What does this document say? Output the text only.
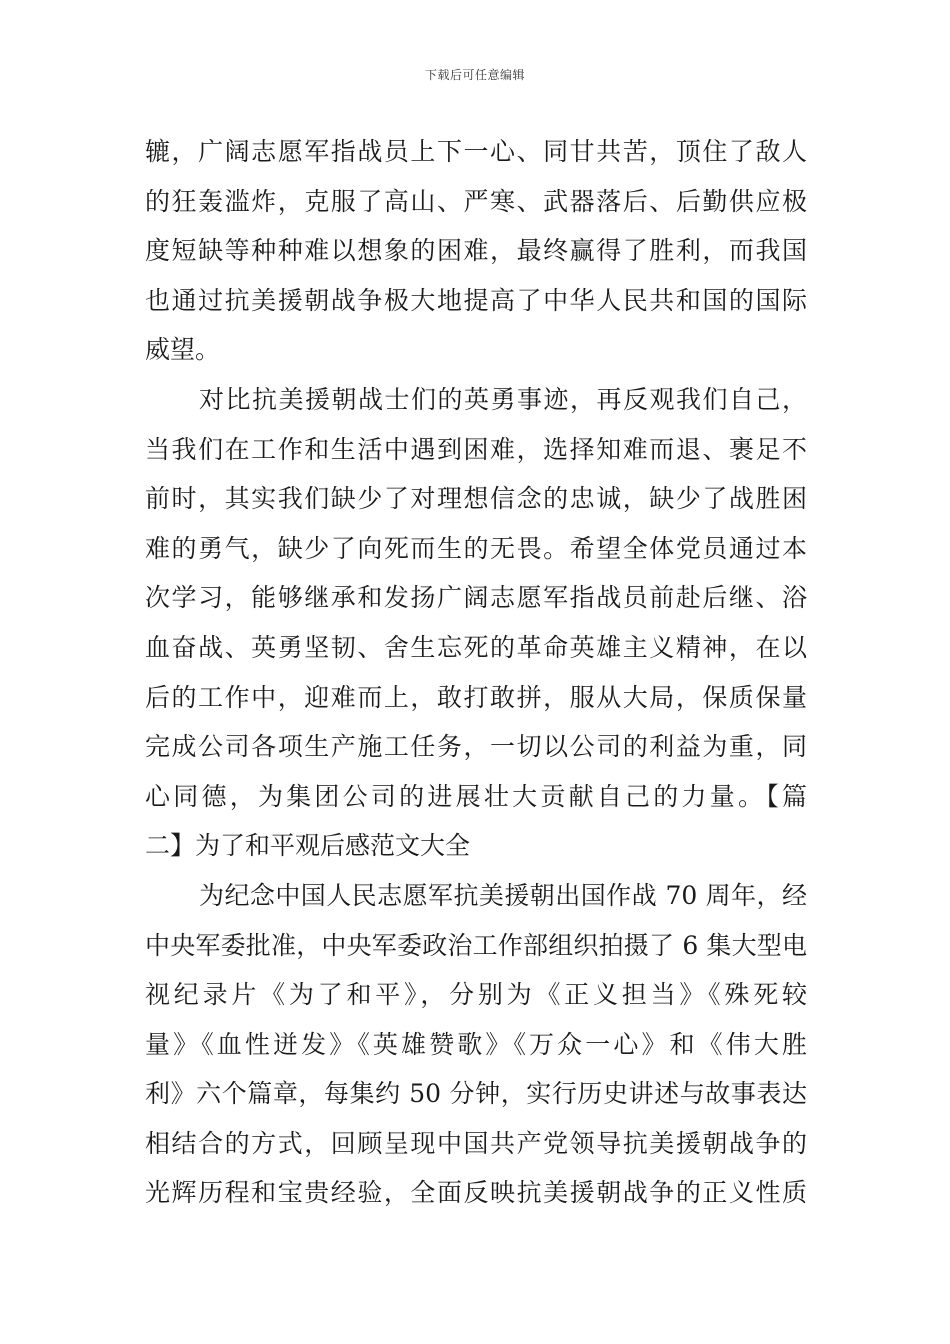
下载后可任意编辑
辘，广阔志愿军指战员上下一心、同甘共苦，顶住了敌人
的狂轰滥炸，克服了高山、严寒、武器落后、后勤供应极
度短缺等种种难以想象的困难，最终赢得了胜利，而我国
也通过抗美援朝战争极大地提高了中华人民共和国的国际
威望。
对比抗美援朝战士们的英勇事迹，再反观我们自己，
当我们在工作和生活中遇到困难，选择知难而退、裹足不
前时，其实我们缺少了对理想信念的忠诚，缺少了战胜困
难的勇气，缺少了向死而生的无畏。希望全体党员通过本
次学习，能够继承和发扬广阔志愿军指战员前赴后继、浴
血奋战、英勇坚韧、舍生忘死的革命英雄主义精神，在以
后的工作中，迎难而上，敢打敢拼，服从大局，保质保量
完成公司各项生产施工任务，一切以公司的利益为重，同
心同德，为集团公司的进展壮大贡献自己的力量。【篇
二】为了和平观后感范文大全
为纪念中国人民志愿军抗美援朝出国作战 70 周年，经
中央军委批准，中央军委政治工作部组织拍摄了 6 集大型电
视纪录片《为了和平》，分别为《正义担当》《殊死较
量》《血性迸发》《英雄赞歌》《万众一心》和《伟大胜
利》六个篇章，每集约 50 分钟，实行历史讲述与故事表达
相结合的方式，回顾呈现中国共产党领导抗美援朝战争的
光辉历程和宝贵经验，全面反映抗美援朝战争的正义性质
